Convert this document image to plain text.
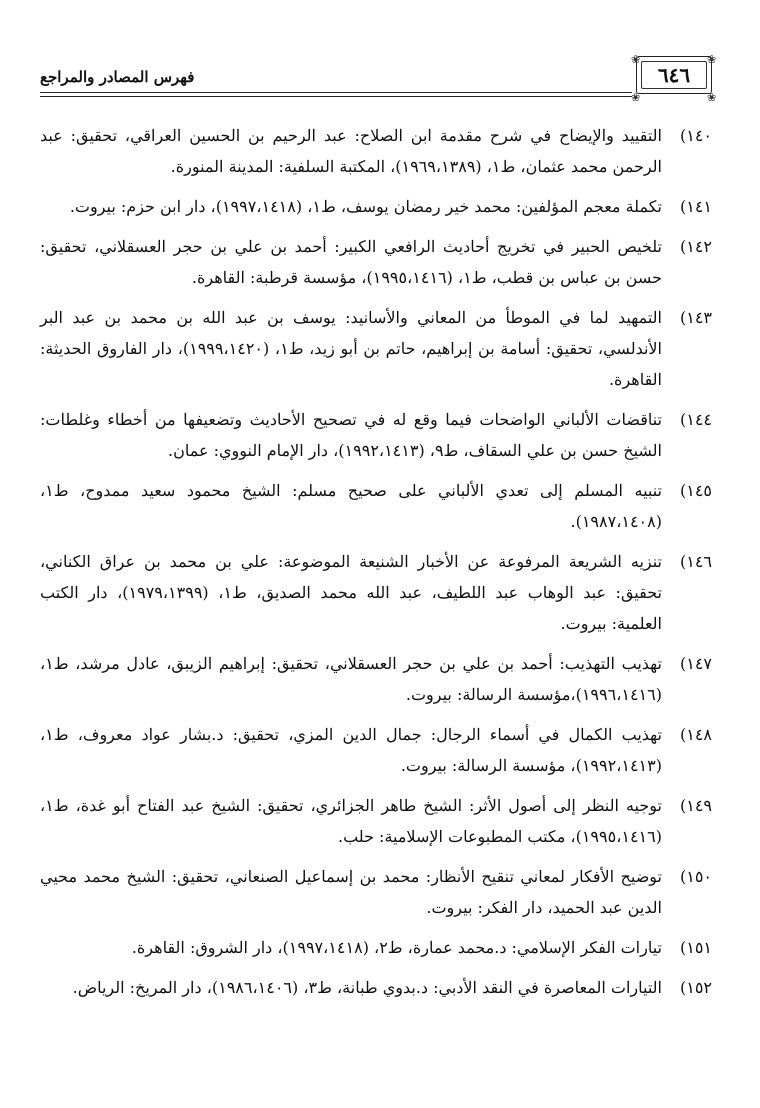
فهرس المصادر والمراجع
❀	❀
❀	❀
٦٤٦
١٤٠)
التقييد والإيضاح في شرح مقدمة ابن الصلاح: عبد الرحيم بن الحسين العراقي، تحقيق: عبد الرحمن محمد عثمان، ط١، (١٩٦٩،١٣٨٩)، المكتبة السلفية: المدينة المنورة.
١٤١)
تكملة معجم المؤلفين: محمد خير رمضان يوسف، ط١، (١٩٩٧،١٤١٨)، دار ابن حزم: بيروت.
١٤٢)
تلخيص الحبير في تخريج أحاديث الرافعي الكبير: أحمد بن علي بن حجر العسقلاني، تحقيق: حسن بن عباس بن قطب، ط١، (١٩٩٥،١٤١٦)، مؤسسة قرطبة: القاهرة.
١٤٣)
التمهيد لما في الموطأ من المعاني والأسانيد: يوسف بن عبد الله بن محمد بن عبد البر الأندلسي، تحقيق: أسامة بن إبراهيم، حاتم بن أبو زيد، ط١، (١٩٩٩،١٤٢٠)، دار الفاروق الحديثة: القاهرة.
١٤٤)
تناقضات الألباني الواضحات فيما وقع له في تصحيح الأحاديث وتضعيفها من أخطاء وغلطات: الشيخ حسن بن علي السقاف، ط٩، (١٩٩٢،١٤١٣)، دار الإمام النووي: عمان.
١٤٥)
تنبيه المسلم إلى تعدي الألباني على صحيح مسلم: الشيخ محمود سعيد ممدوح، ط١، (١٩٨٧،١٤٠٨).
١٤٦)
تنزيه الشريعة المرفوعة عن الأخبار الشنيعة الموضوعة: علي بن محمد بن عراق الكناني، تحقيق: عبد الوهاب عبد اللطيف، عبد الله محمد الصديق، ط١، (١٩٧٩،١٣٩٩)، دار الكتب العلمية: بيروت.
١٤٧)
تهذيب التهذيب: أحمد بن علي بن حجر العسقلاني، تحقيق: إبراهيم الزيبق، عادل مرشد، ط١، (١٩٩٦،١٤١٦)،مؤسسة الرسالة: بيروت.
١٤٨)
تهذيب الكمال في أسماء الرجال: جمال الدين المزي، تحقيق: د.بشار عواد معروف، ط١، (١٩٩٢،١٤١٣)، مؤسسة الرسالة: بيروت.
١٤٩)
توجيه النظر إلى أصول الأثر: الشيخ طاهر الجزائري، تحقيق: الشيخ عبد الفتاح أبو غدة، ط١، (١٩٩٥،١٤١٦)، مكتب المطبوعات الإسلامية: حلب.
١٥٠)
توضيح الأفكار لمعاني تنقيح الأنظار: محمد بن إسماعيل الصنعاني، تحقيق: الشيخ محمد محيي الدين عبد الحميد، دار الفكر: بيروت.
١٥١)
تيارات الفكر الإسلامي: د.محمد عمارة، ط٢، (١٩٩٧،١٤١٨)، دار الشروق: القاهرة.
١٥٢)
التيارات المعاصرة في النقد الأدبي: د.بدوي طبانة، ط٣، (١٩٨٦،١٤٠٦)، دار المريخ: الرياض.
